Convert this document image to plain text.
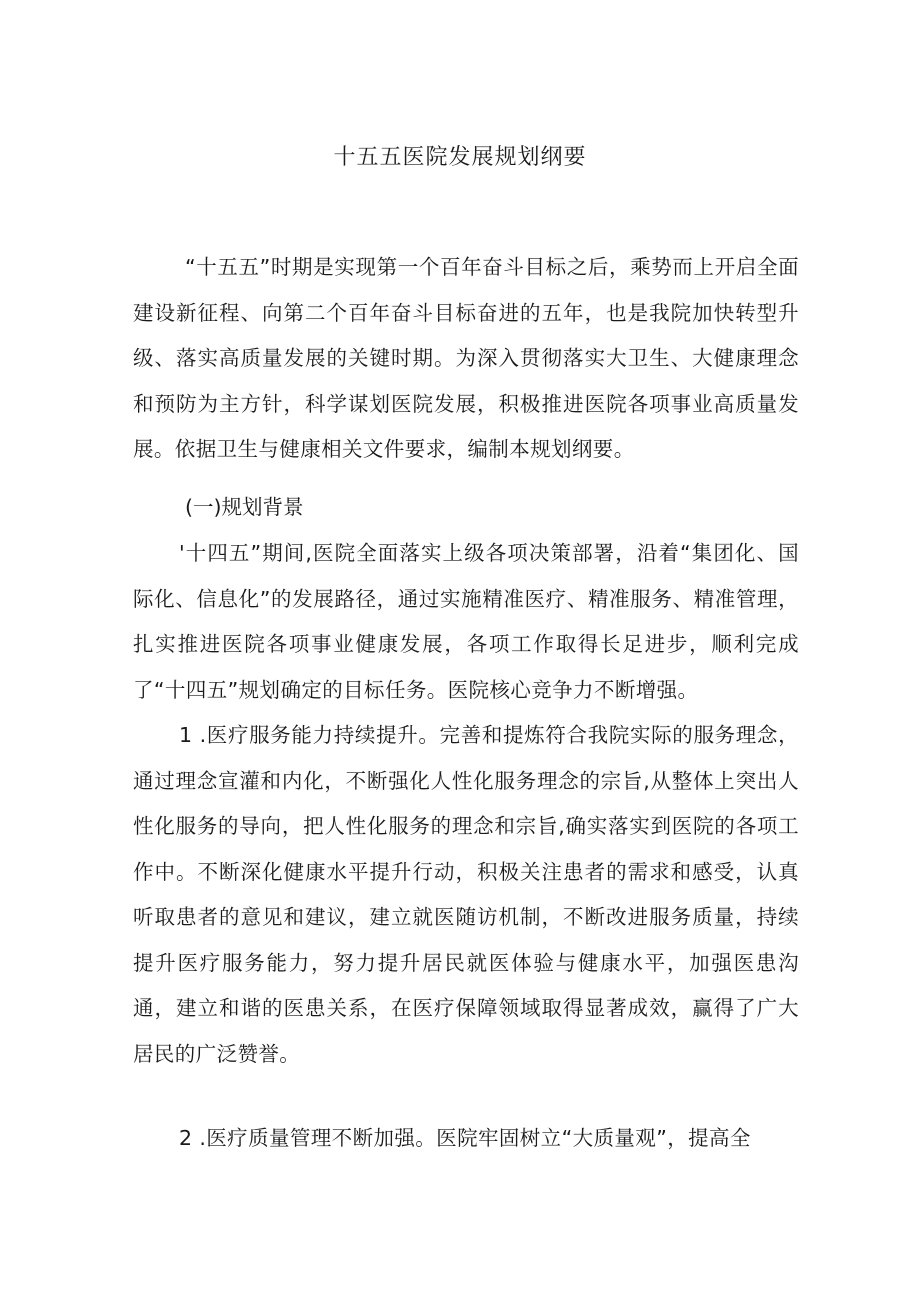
十五五医院发展规划纲要

“十五五”时期是实现第一个百年奋斗目标之后，乘势而上开启全面建设新征程、向第二个百年奋斗目标奋进的五年，也是我院加快转型升级、落实高质量发展的关键时期。为深入贯彻落实大卫生、大健康理念和预防为主方针，科学谋划医院发展，积极推进医院各项事业高质量发展。依据卫生与健康相关文件要求，编制本规划纲要。

(一)规划背景

'十四五”期间,医院全面落实上级各项决策部署，沿着“集团化、国际化、信息化”的发展路径，通过实施精准医疗、精准服务、精准管理，扎实推进医院各项事业健康发展，各项工作取得长足进步，顺利完成了“十四五”规划确定的目标任务。医院核心竞争力不断增强。

1 .医疗服务能力持续提升。完善和提炼符合我院实际的服务理念，通过理念宣灌和内化，不断强化人性化服务理念的宗旨,从整体上突出人性化服务的导向，把人性化服务的理念和宗旨,确实落实到医院的各项工作中。不断深化健康水平提升行动，积极关注患者的需求和感受，认真听取患者的意见和建议，建立就医随访机制，不断改进服务质量，持续提升医疗服务能力，努力提升居民就医体验与健康水平，加强医患沟通，建立和谐的医患关系，在医疗保障领域取得显著成效，赢得了广大居民的广泛赞誉。

2 .医疗质量管理不断加强。医院牢固树立“大质量观”，提高全
